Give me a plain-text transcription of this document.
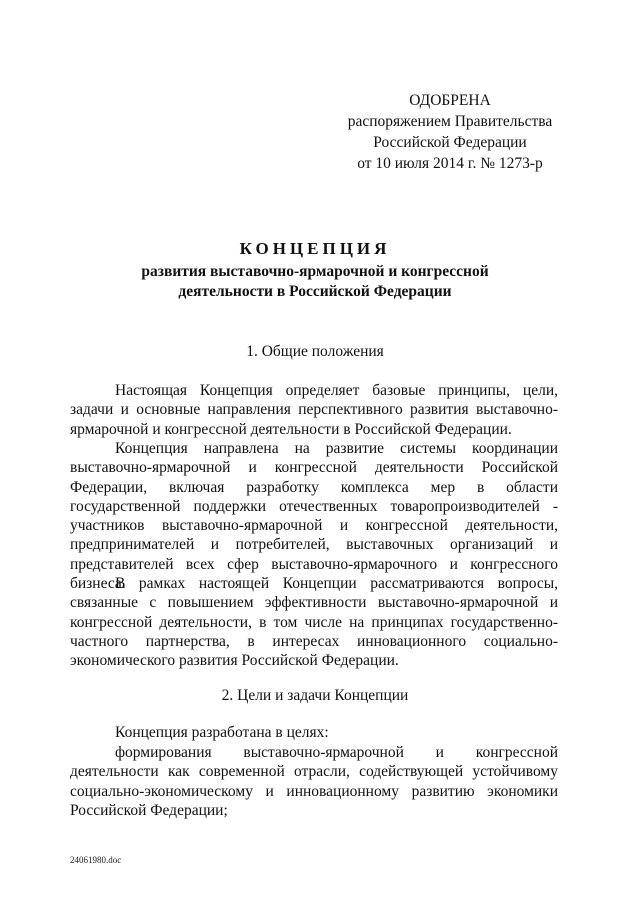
ОДОБРЕНА
распоряжением Правительства
Российской Федерации
от 10 июля 2014 г. № 1273-р
КОНЦЕПЦИЯ
развития выставочно-ярмарочной и конгрессной
деятельности в Российской Федерации
1. Общие положения

Настоящая Концепция определяет базовые принципы, цели, задачи и основные направления перспективного развития выставочно-ярмарочной и конгрессной деятельности в Российской Федерации.

Концепция направлена на развитие системы координации выставочно-ярмарочной и конгрессной деятельности Российской Федерации, включая разработку комплекса мер в области государственной поддержки отечественных товаропроизводителей - участников выставочно-ярмарочной и конгрессной деятельности, предпринимателей и потребителей, выставочных организаций и представителей всех сфер выставочно-ярмарочного и конгрессного бизнеса.

В рамках настоящей Концепции рассматриваются вопросы, связанные с повышением эффективности выставочно-ярмарочной и конгрессной деятельности, в том числе на принципах государственно-частного партнерства, в интересах инновационного социально-экономического развития Российской Федерации.

2. Цели и задачи Концепции

Концепция разработана в целях:

формирования выставочно-ярмарочной и конгрессной деятельности как современной отрасли, содействующей устойчивому социально-экономическому и инновационному развитию экономики Российской Федерации;

24061980.doc
